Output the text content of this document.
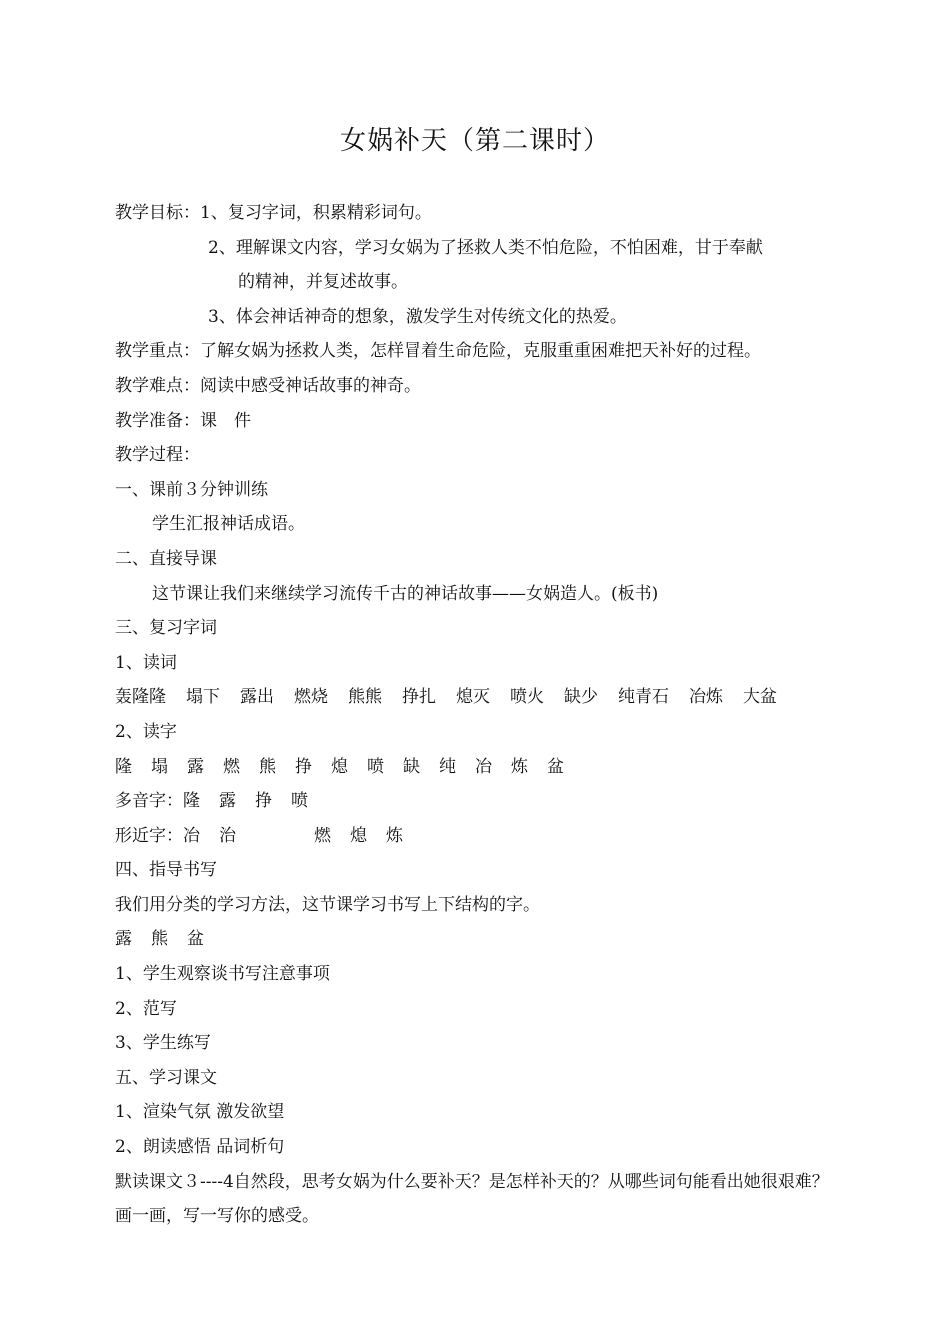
女娲补天（第二课时）
教学目标：1、复习字词，积累精彩词句。
2、理解课文内容，学习女娲为了拯救人类不怕危险，不怕困难，甘于奉献
的精神，并复述故事。
3、体会神话神奇的想象，激发学生对传统文化的热爱。
教学重点：了解女娲为拯救人类，怎样冒着生命危险，克服重重困难把天补好的过程。
教学难点：阅读中感受神话故事的神奇。
教学准备：课　件
教学过程：
一、课前３分钟训练
学生汇报神话成语。
二、直接导课
这节课让我们来继续学习流传千古的神话故事——女娲造人。(板书)
三、复习字词
1、读词
轰隆隆 塌下 露出 燃烧 熊熊 挣扎 熄灭 喷火 缺少 纯青石 冶炼 大盆
2、读字
隆 塌 露 燃 熊 挣 熄 喷 缺 纯 冶 炼 盆
多音字：隆 露 挣 喷
形近字：冶 治	燃 熄 炼
四、指导书写
我们用分类的学习方法，这节课学习书写上下结构的字。
露 熊 盆
1、学生观察谈书写注意事项
2、范写
3、学生练写
五、学习课文
1、渲染气氛 激发欲望
2、朗读感悟 品词析句
默读课文３----4自然段，思考女娲为什么要补天？是怎样补天的？从哪些词句能看出她很艰难？画一画，写一写你的感受。
